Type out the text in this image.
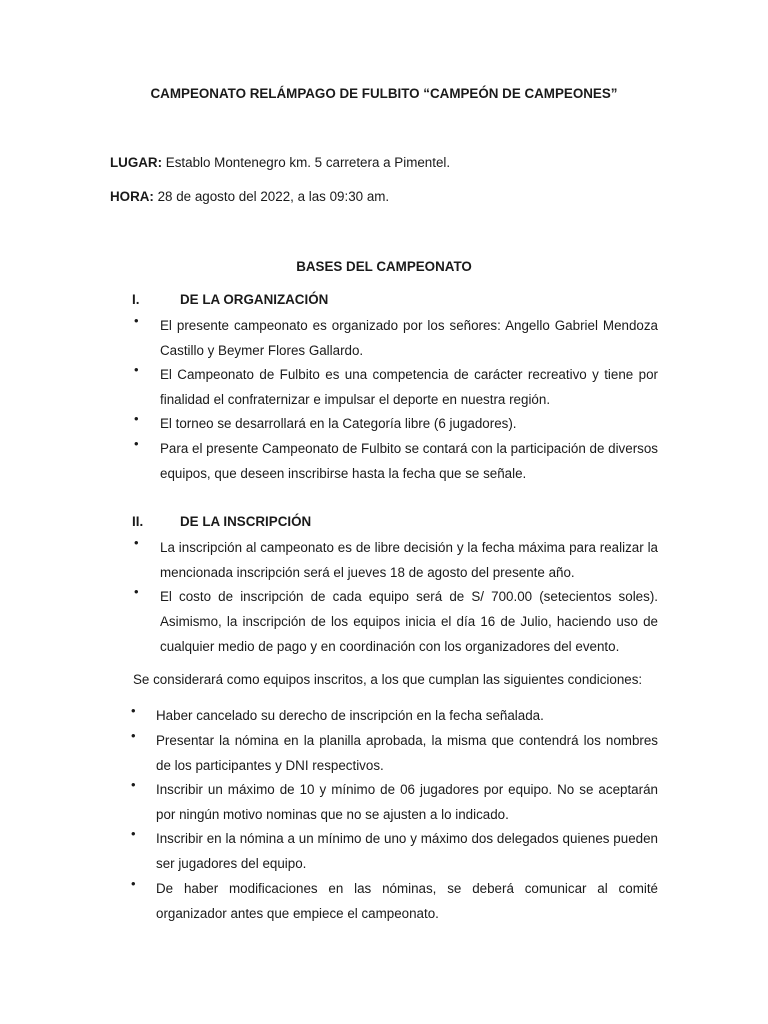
CAMPEONATO RELÁMPAGO DE FULBITO “CAMPEÓN DE CAMPEONES”
LUGAR: Establo Montenegro km. 5 carretera a Pimentel.
HORA: 28 de agosto del 2022, a las 09:30 am.
BASES DEL CAMPEONATO
I.	DE LA ORGANIZACIÓN
• El presente campeonato es organizado por los señores: Angello Gabriel Mendoza Castillo y Beymer Flores Gallardo.
• El Campeonato de Fulbito es una competencia de carácter recreativo y tiene por finalidad el confraternizar e impulsar el deporte en nuestra región.
• El torneo se desarrollará en la Categoría libre (6 jugadores).
• Para el presente Campeonato de Fulbito se contará con la participación de diversos equipos, que deseen inscribirse hasta la fecha que se señale.
II.	DE LA INSCRIPCIÓN
• La inscripción al campeonato es de libre decisión y la fecha máxima para realizar la mencionada inscripción será el jueves 18 de agosto del presente año.
• El costo de inscripción de cada equipo será de S/ 700.00 (setecientos soles). Asimismo, la inscripción de los equipos inicia el día 16 de Julio, haciendo uso de cualquier medio de pago y en coordinación con los organizadores del evento.
Se considerará como equipos inscritos, a los que cumplan las siguientes condiciones:
• Haber cancelado su derecho de inscripción en la fecha señalada.
• Presentar la nómina en la planilla aprobada, la misma que contendrá los nombres de los participantes y DNI respectivos.
• Inscribir un máximo de 10 y mínimo de 06 jugadores por equipo. No se aceptarán por ningún motivo nominas que no se ajusten a lo indicado.
• Inscribir en la nómina a un mínimo de uno y máximo dos delegados quienes pueden ser jugadores del equipo.
• De haber modificaciones en las nóminas, se deberá comunicar al comité organizador antes que empiece el campeonato.
